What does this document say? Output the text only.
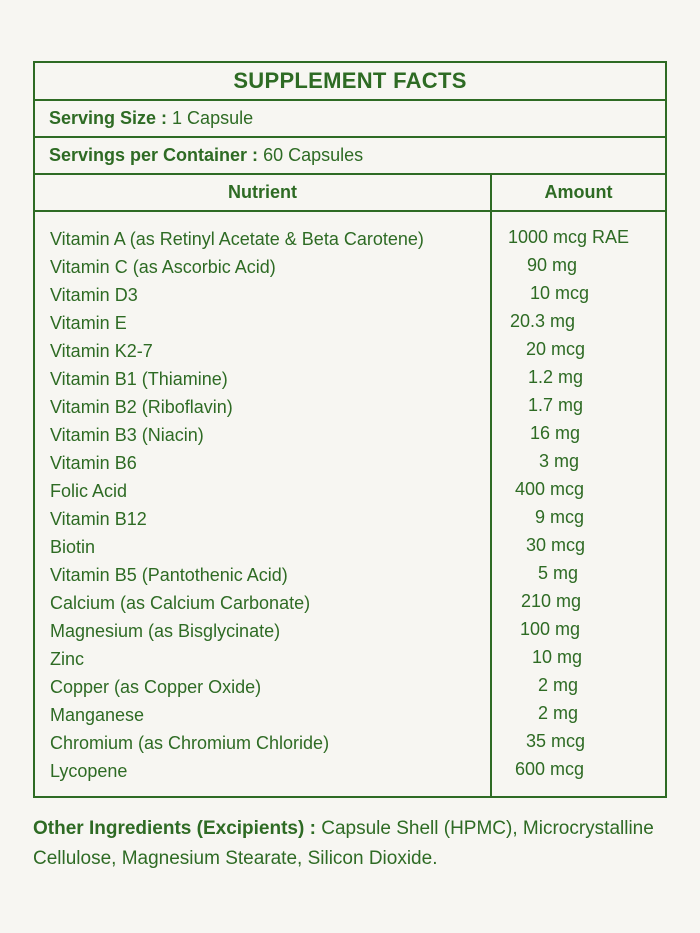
SUPPLEMENT FACTS
Serving Size : 1 Capsule
Servings per Container : 60 Capsules
Nutrient	Amount
Vitamin A (as Retinyl Acetate & Beta Carotene)
Vitamin C (as Ascorbic Acid)
Vitamin D3
Vitamin E
Vitamin K2-7
Vitamin B1 (Thiamine)
Vitamin B2 (Riboflavin)
Vitamin B3 (Niacin)
Vitamin B6
Folic Acid
Vitamin B12
Biotin
Vitamin B5 (Pantothenic Acid)
Calcium (as Calcium Carbonate)
Magnesium (as Bisglycinate)
Zinc
Copper (as Copper Oxide)
Manganese
Chromium (as Chromium Chloride)
Lycopene
1000 mcg RAE
90 mg
10 mcg
20.3 mg
20 mcg
1.2 mg
1.7 mg
16 mg
3 mg
400 mcg
9 mcg
30 mcg
5 mg
210 mg
100 mg
10 mg
2 mg
2 mg
35 mcg
600 mcg
Other Ingredients (Excipients) : Capsule Shell (HPMC), Microcrystalline Cellulose, Magnesium Stearate, Silicon Dioxide.
